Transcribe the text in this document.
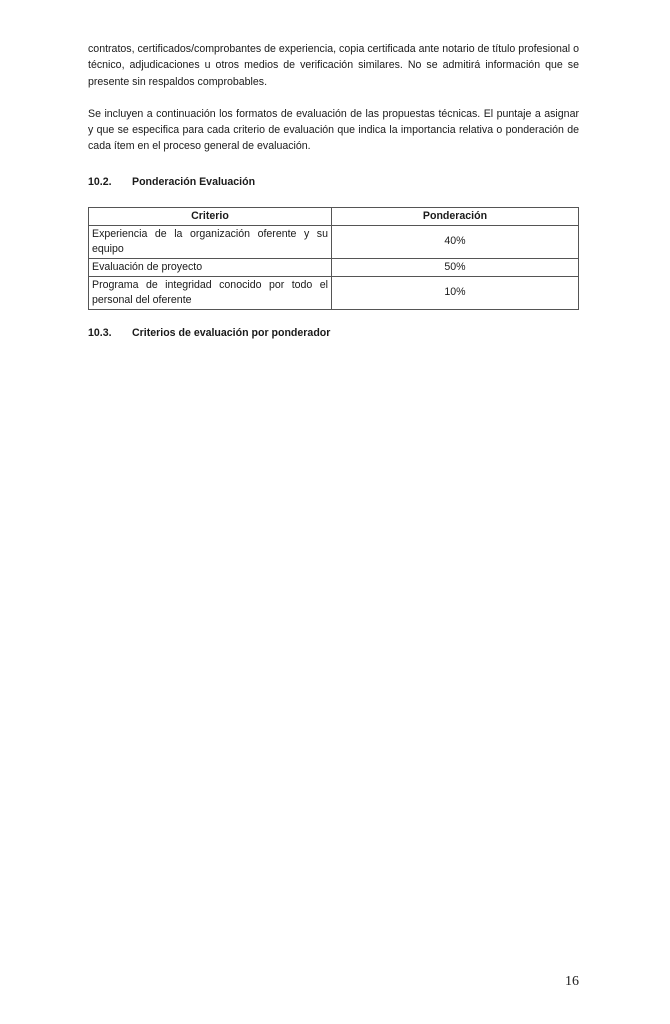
contratos, certificados/comprobantes de experiencia, copia certificada ante notario de título profesional o técnico, adjudicaciones u otros medios de verificación similares. No se admitirá información que se presente sin respaldos comprobables.

Se incluyen a continuación los formatos de evaluación de las propuestas técnicas. El puntaje a asignar y que se especifica para cada criterio de evaluación que indica la importancia relativa o ponderación de cada ítem en el proceso general de evaluación.

10.2.	Ponderación Evaluación
Criterio	Ponderación
Experiencia de la organización oferente y su equipo	40%
Evaluación de proyecto	50%
Programa de integridad conocido por todo el personal del oferente	10%
10.3.	Criterios de evaluación por ponderador
16
